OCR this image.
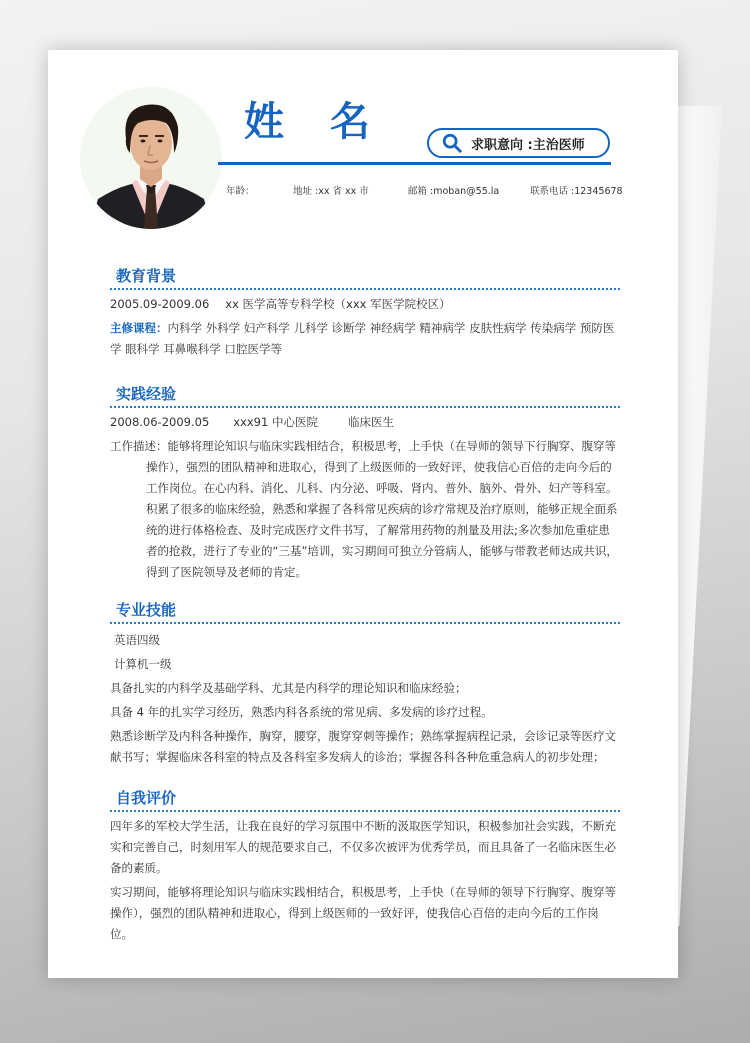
姓 名	求职意向 :主治医师
年龄：	地址 :xx 省 xx 市	邮箱 :moban@55.la	联系电话 :12345678
教育背景
2005.09-2009.06 xx 医学高等专科学校（xxx 军医学院校区）
主修课程：内科学 外科学 妇产科学 儿科学 诊断学 神经病学 精神病学 皮肤性病学 传染病学 预防医学 眼科学 耳鼻喉科学 口腔医学等
实践经验
2008.06-2009.05 xxx91 中心医院	临床医生
工作描述：能够将理论知识与临床实践相结合，积极思考，上手快（在导师的领导下行胸穿、腹穿等操作），强烈的团队精神和进取心，得到了上级医师的一致好评，使我信心百倍的走向今后的工作岗位。在心内科、消化、儿科、内分泌、呼吸、肾内、普外、脑外、骨外、妇产等科室。积累了很多的临床经验，熟悉和掌握了各科常见疾病的诊疗常规及治疗原则，能够正规全面系统的进行体格检查、及时完成医疗文件书写，了解常用药物的剂量及用法;多次参加危重症患者的抢救，进行了专业的“三基”培训，实习期间可独立分管病人，能够与带教老师达成共识，得到了医院领导及老师的肯定。
专业技能
英语四级
计算机一级
具备扎实的内科学及基础学科、尤其是内科学的理论知识和临床经验；
具备 4 年的扎实学习经历，熟悉内科各系统的常见病、多发病的诊疗过程。
熟悉诊断学及内科各种操作，胸穿，腰穿，腹穿穿刺等操作；熟练掌握病程记录，会诊记录等医疗文献书写；掌握临床各科室的特点及各科室多发病人的诊治；掌握各科各种危重急病人的初步处理；
自我评价
四年多的军校大学生活，让我在良好的学习氛围中不断的汲取医学知识，积极参加社会实践，不断充实和完善自己，时刻用军人的规范要求自己，不仅多次被评为优秀学员，而且具备了一名临床医生必备的素质。
实习期间，能够将理论知识与临床实践相结合，积极思考，上手快（在导师的领导下行胸穿、腹穿等操作），强烈的团队精神和进取心，得到上级医师的一致好评，使我信心百倍的走向今后的工作岗位。
